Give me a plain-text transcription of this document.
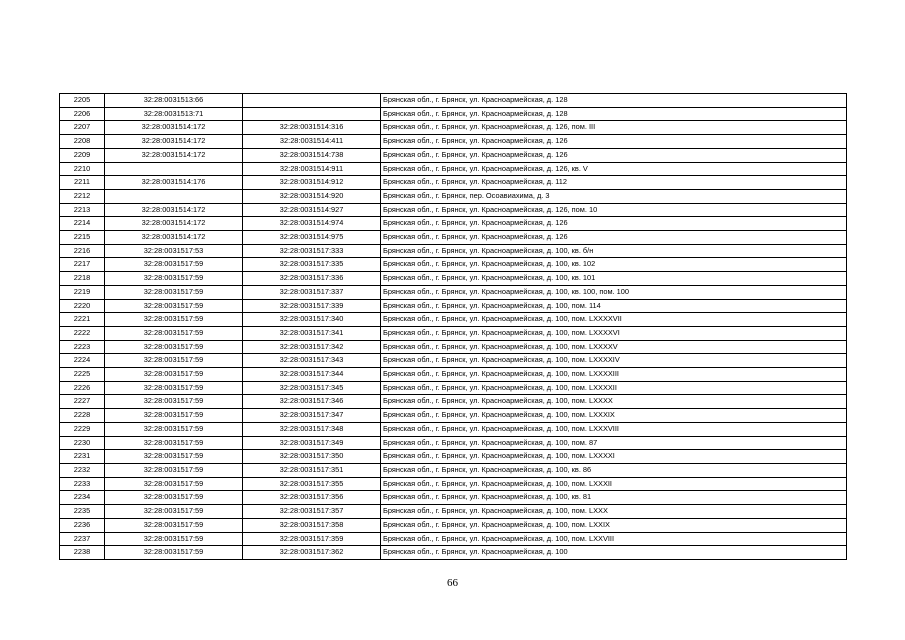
2205	32:28:0031513:66		Брянская обл., г. Брянск, ул. Красноармейская, д. 128
2206	32:28:0031513:71		Брянская обл., г. Брянск, ул. Красноармейская, д. 128
2207	32:28:0031514:172	32:28:0031514:316	Брянская обл., г. Брянск, ул. Красноармейская, д. 126, пом. III
2208	32:28:0031514:172	32:28:0031514:411	Брянская обл., г. Брянск, ул. Красноармейская, д. 126
2209	32:28:0031514:172	32:28:0031514:738	Брянская обл., г. Брянск, ул. Красноармейская, д. 126
2210		32:28:0031514:911	Брянская обл., г. Брянск, ул. Красноармейская, д. 126, кв. V
2211	32:28:0031514:176	32:28:0031514:912	Брянская обл., г. Брянск, ул. Красноармейская, д. 112
2212		32:28:0031514:920	Брянская обл., г. Брянск, пер. Осоавиахима, д. 3
2213	32:28:0031514:172	32:28:0031514:927	Брянская обл., г. Брянск, ул. Красноармейская, д. 126, пом. 10
2214	32:28:0031514:172	32:28:0031514:974	Брянская обл., г. Брянск, ул. Красноармейская, д. 126
2215	32:28:0031514:172	32:28:0031514:975	Брянская обл., г. Брянск, ул. Красноармейская, д. 126
2216	32:28:0031517:53	32:28:0031517:333	Брянская обл., г. Брянск, ул. Красноармейская, д. 100, кв. б/н
2217	32:28:0031517:59	32:28:0031517:335	Брянская обл., г. Брянск, ул. Красноармейская, д. 100, кв. 102
2218	32:28:0031517:59	32:28:0031517:336	Брянская обл., г. Брянск, ул. Красноармейская, д. 100, кв. 101
2219	32:28:0031517:59	32:28:0031517:337	Брянская обл., г. Брянск, ул. Красноармейская, д. 100, кв. 100, пом. 100
2220	32:28:0031517:59	32:28:0031517:339	Брянская обл., г. Брянск, ул. Красноармейская, д. 100, пом. 114
2221	32:28:0031517:59	32:28:0031517:340	Брянская обл., г. Брянск, ул. Красноармейская, д. 100, пом. LXXXXVII
2222	32:28:0031517:59	32:28:0031517:341	Брянская обл., г. Брянск, ул. Красноармейская, д. 100, пом. LXXXXVI
2223	32:28:0031517:59	32:28:0031517:342	Брянская обл., г. Брянск, ул. Красноармейская, д. 100, пом. LXXXXV
2224	32:28:0031517:59	32:28:0031517:343	Брянская обл., г. Брянск, ул. Красноармейская, д. 100, пом. LXXXXIV
2225	32:28:0031517:59	32:28:0031517:344	Брянская обл., г. Брянск, ул. Красноармейская, д. 100, пом. LXXXXIII
2226	32:28:0031517:59	32:28:0031517:345	Брянская обл., г. Брянск, ул. Красноармейская, д. 100, пом. LXXXXII
2227	32:28:0031517:59	32:28:0031517:346	Брянская обл., г. Брянск, ул. Красноармейская, д. 100, пом. LXXXX
2228	32:28:0031517:59	32:28:0031517:347	Брянская обл., г. Брянск, ул. Красноармейская, д. 100, пом. LXXXIX
2229	32:28:0031517:59	32:28:0031517:348	Брянская обл., г. Брянск, ул. Красноармейская, д. 100, пом. LXXXVIII
2230	32:28:0031517:59	32:28:0031517:349	Брянская обл., г. Брянск, ул. Красноармейская, д. 100, пом. 87
2231	32:28:0031517:59	32:28:0031517:350	Брянская обл., г. Брянск, ул. Красноармейская, д. 100, пом. LXXXXI
2232	32:28:0031517:59	32:28:0031517:351	Брянская обл., г. Брянск, ул. Красноармейская, д. 100, кв. 86
2233	32:28:0031517:59	32:28:0031517:355	Брянская обл., г. Брянск, ул. Красноармейская, д. 100, пом. LXXXII
2234	32:28:0031517:59	32:28:0031517:356	Брянская обл., г. Брянск, ул. Красноармейская, д. 100, кв. 81
2235	32:28:0031517:59	32:28:0031517:357	Брянская обл., г. Брянск, ул. Красноармейская, д. 100, пом. LXXX
2236	32:28:0031517:59	32:28:0031517:358	Брянская обл., г. Брянск, ул. Красноармейская, д. 100, пом. LXXIX
2237	32:28:0031517:59	32:28:0031517:359	Брянская обл., г. Брянск, ул. Красноармейская, д. 100, пом. LXXVIII
2238	32:28:0031517:59	32:28:0031517:362	Брянская обл., г. Брянск, ул. Красноармейская, д. 100
66
